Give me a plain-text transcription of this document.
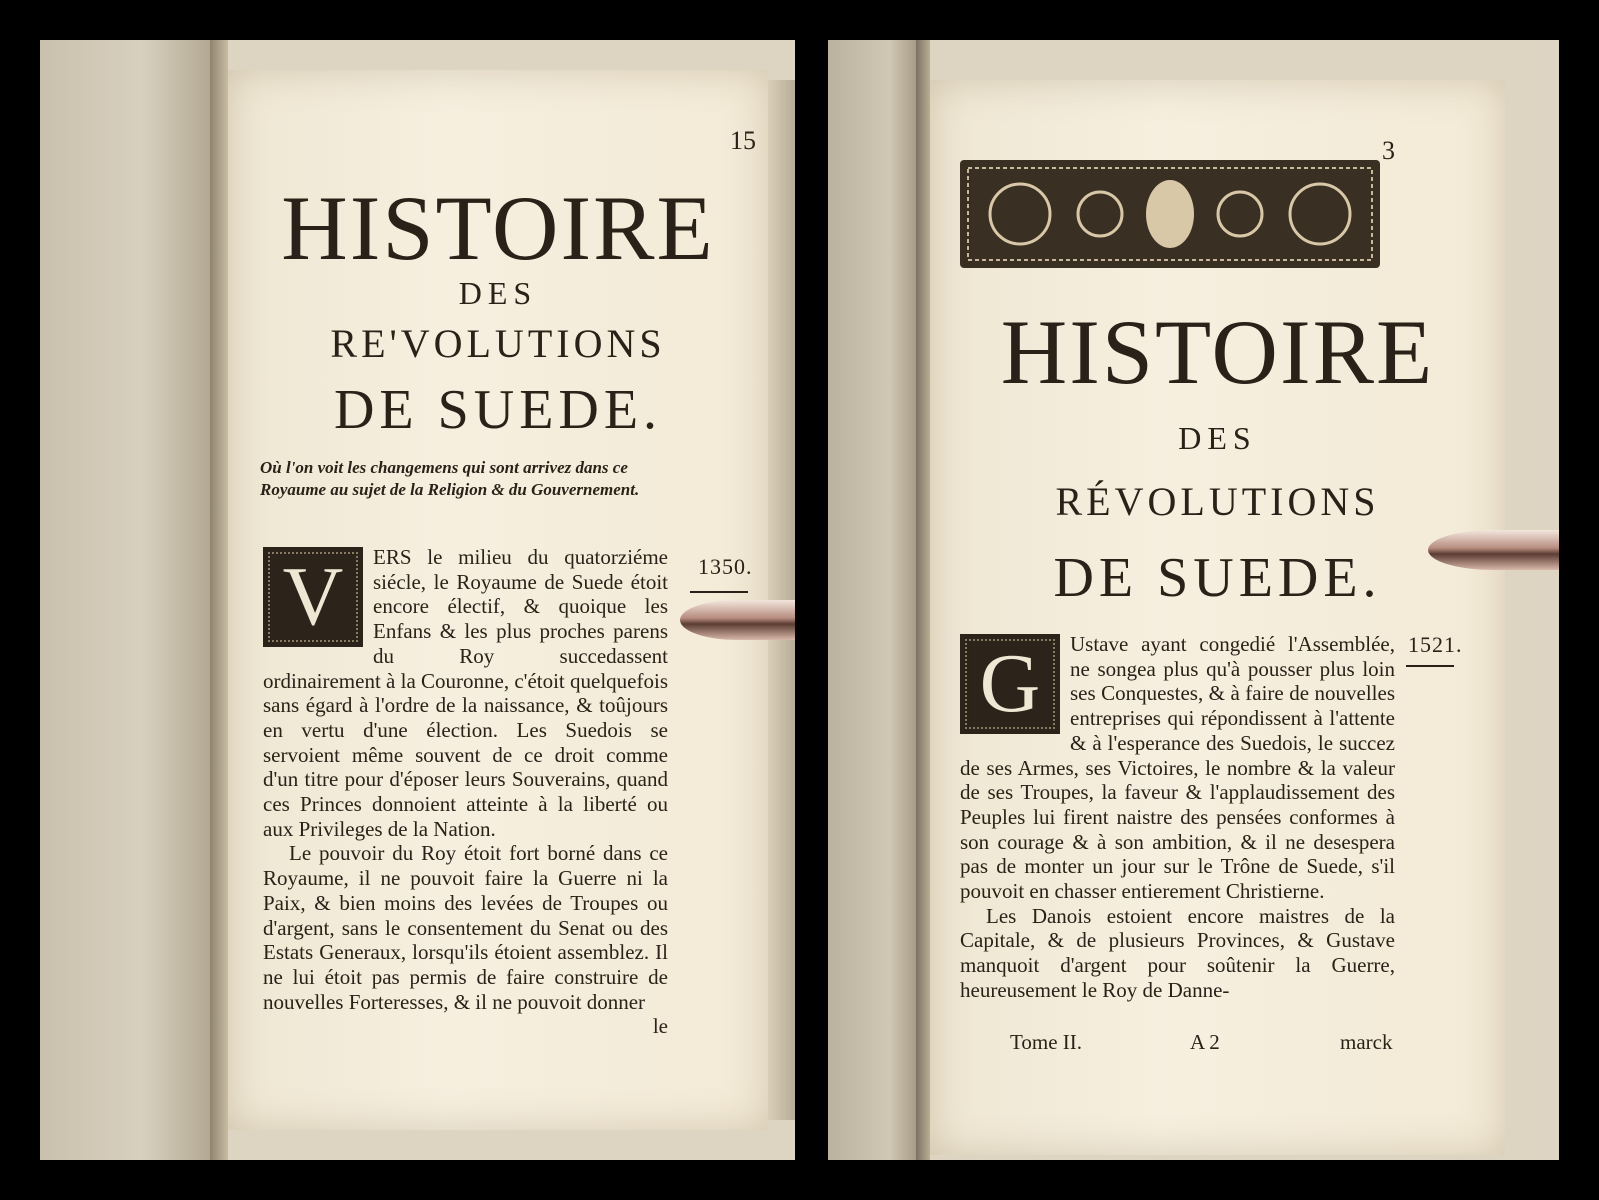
15
HISTOIRE
DES
RE'VOLUTIONS
DE SUEDE.
Où l'on voit les changemens qui sont arrivez dans ce Royaume au sujet de la Religion & du Gouvernement.

V	ERS le milieu du quatorziéme siécle, le Royaume de Suede étoit encore électif, & quoique les Enfans & les plus proches parens du Roy succedassent ordinairement à la Couronne, c'étoit quelquefois sans égard à l'ordre de la naissance, & toûjours en vertu d'une élection. Les Suedois se servoient même souvent de ce droit comme d'un titre pour d'époser leurs Souverains, quand ces Princes donnoient atteinte à la liberté ou aux Privileges de la Nation.

Le pouvoir du Roy étoit fort borné dans ce Royaume, il ne pouvoit faire la Guerre ni la Paix, & bien moins des levées de Troupes ou d'argent, sans le consentement du Senat ou des Estats Generaux, lorsqu'ils étoient assemblez. Il ne lui étoit pas permis de faire construire de nouvelles Forteresses, & il ne pouvoit donner

le

1350.
3
HISTOIRE
DES
RÉVOLUTIONS
DE SUEDE.

G	Ustave ayant congedié l'Assemblée, ne songea plus qu'à pousser plus loin ses Conquestes, & à faire de nouvelles entreprises qui répondissent à l'attente & à l'esperance des Suedois, le succez de ses Armes, ses Victoires, le nombre & la valeur de ses Troupes, la faveur & l'applaudissement des Peuples lui firent naistre des pensées conformes à son courage & à son ambition, & il ne desespera pas de monter un jour sur le Trône de Suede, s'il pouvoit en chasser entierement Christierne.

Les Danois estoient encore maistres de la Capitale, & de plusieurs Provinces, & Gustave manquoit d'argent pour soûtenir la Guerre, heureusement le Roy de Danne-

Tome II.	A 2	marck
1521.
